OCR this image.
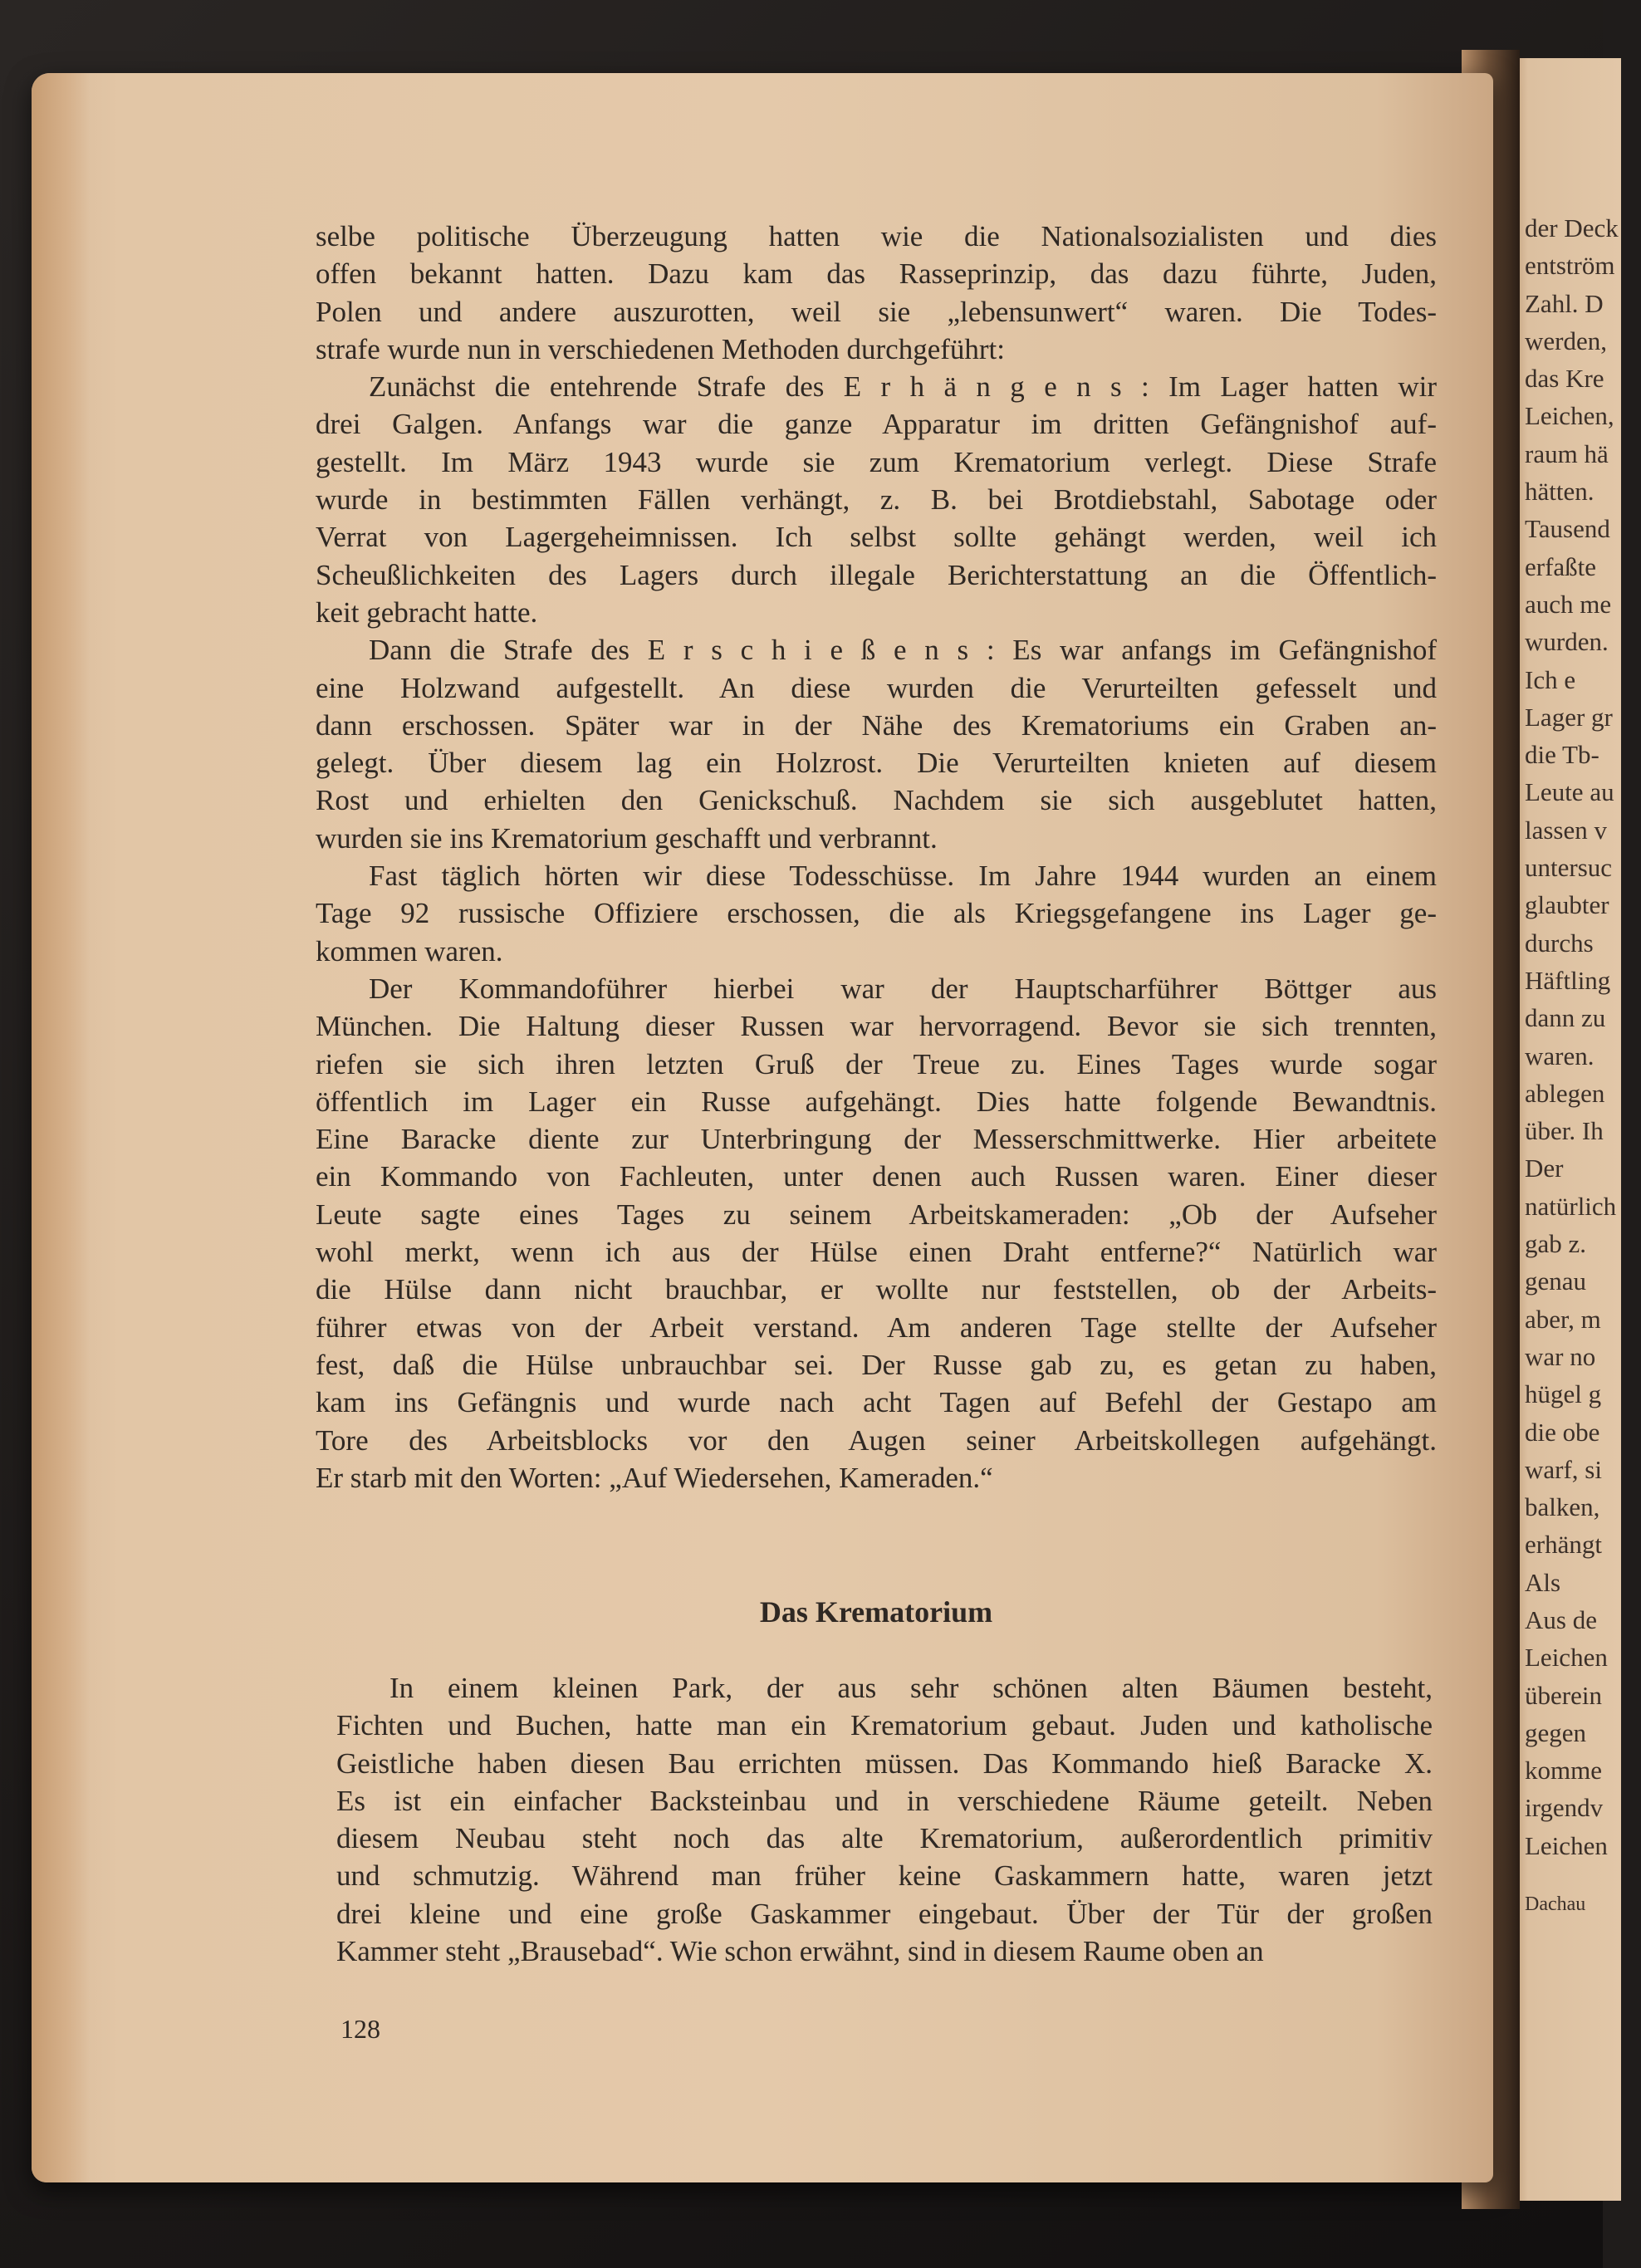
der Deck
entström
Zahl. D
werden,
das Kre
Leichen,
raum hä
hätten.
Tausend
erfaßte
auch me
wurden.
Ich e
Lager gr
die Tb-
Leute au
lassen v
untersuc
glaubter
durchs
Häftling
dann zu
waren.
ablegen
über. Ih
Der
natürlich
gab z.
genau
aber, m
war no
hügel g
die obe
warf, si
balken,
erhängt
Als
Aus de
Leichen
überein
gegen
komme
irgendv
Leichen
Dachau
selbe politische Überzeugung hatten wie die Nationalsozialisten und dies
offen bekannt hatten. Dazu kam das Rasseprinzip, das dazu führte, Juden,
Polen und andere auszurotten, weil sie „lebensunwert“ waren. Die Todes-
strafe wurde nun in verschiedenen Methoden durchgeführt:
Zunächst die entehrende Strafe des E r h ä n g e n s : Im Lager hatten wir
drei Galgen. Anfangs war die ganze Apparatur im dritten Gefängnishof auf-
gestellt. Im März 1943 wurde sie zum Krematorium verlegt. Diese Strafe
wurde in bestimmten Fällen verhängt, z. B. bei Brotdiebstahl, Sabotage oder
Verrat von Lagergeheimnissen. Ich selbst sollte gehängt werden, weil ich
Scheußlichkeiten des Lagers durch illegale Berichterstattung an die Öffentlich-
keit gebracht hatte.
Dann die Strafe des E r s c h i e ß e n s : Es war anfangs im Gefängnishof
eine Holzwand aufgestellt. An diese wurden die Verurteilten gefesselt und
dann erschossen. Später war in der Nähe des Krematoriums ein Graben an-
gelegt. Über diesem lag ein Holzrost. Die Verurteilten knieten auf diesem
Rost und erhielten den Genickschuß. Nachdem sie sich ausgeblutet hatten,
wurden sie ins Krematorium geschafft und verbrannt.
Fast täglich hörten wir diese Todesschüsse. Im Jahre 1944 wurden an einem
Tage 92 russische Offiziere erschossen, die als Kriegsgefangene ins Lager ge-
kommen waren.
Der Kommandoführer hierbei war der Hauptscharführer Böttger aus
München. Die Haltung dieser Russen war hervorragend. Bevor sie sich trennten,
riefen sie sich ihren letzten Gruß der Treue zu. Eines Tages wurde sogar
öffentlich im Lager ein Russe aufgehängt. Dies hatte folgende Bewandtnis.
Eine Baracke diente zur Unterbringung der Messerschmittwerke. Hier arbeitete
ein Kommando von Fachleuten, unter denen auch Russen waren. Einer dieser
Leute sagte eines Tages zu seinem Arbeitskameraden: „Ob der Aufseher
wohl merkt, wenn ich aus der Hülse einen Draht entferne?“ Natürlich war
die Hülse dann nicht brauchbar, er wollte nur feststellen, ob der Arbeits-
führer etwas von der Arbeit verstand. Am anderen Tage stellte der Aufseher
fest, daß die Hülse unbrauchbar sei. Der Russe gab zu, es getan zu haben,
kam ins Gefängnis und wurde nach acht Tagen auf Befehl der Gestapo am
Tore des Arbeitsblocks vor den Augen seiner Arbeitskollegen aufgehängt.
Er starb mit den Worten: „Auf Wiedersehen, Kameraden.“
Das Krematorium
In einem kleinen Park, der aus sehr schönen alten Bäumen besteht,
Fichten und Buchen, hatte man ein Krematorium gebaut. Juden und katholische
Geistliche haben diesen Bau errichten müssen. Das Kommando hieß Baracke X.
Es ist ein einfacher Backsteinbau und in verschiedene Räume geteilt. Neben
diesem Neubau steht noch das alte Krematorium, außerordentlich primitiv
und schmutzig. Während man früher keine Gaskammern hatte, waren jetzt
drei kleine und eine große Gaskammer eingebaut. Über der Tür der großen
Kammer steht „Brausebad“. Wie schon erwähnt, sind in diesem Raume oben an
128
